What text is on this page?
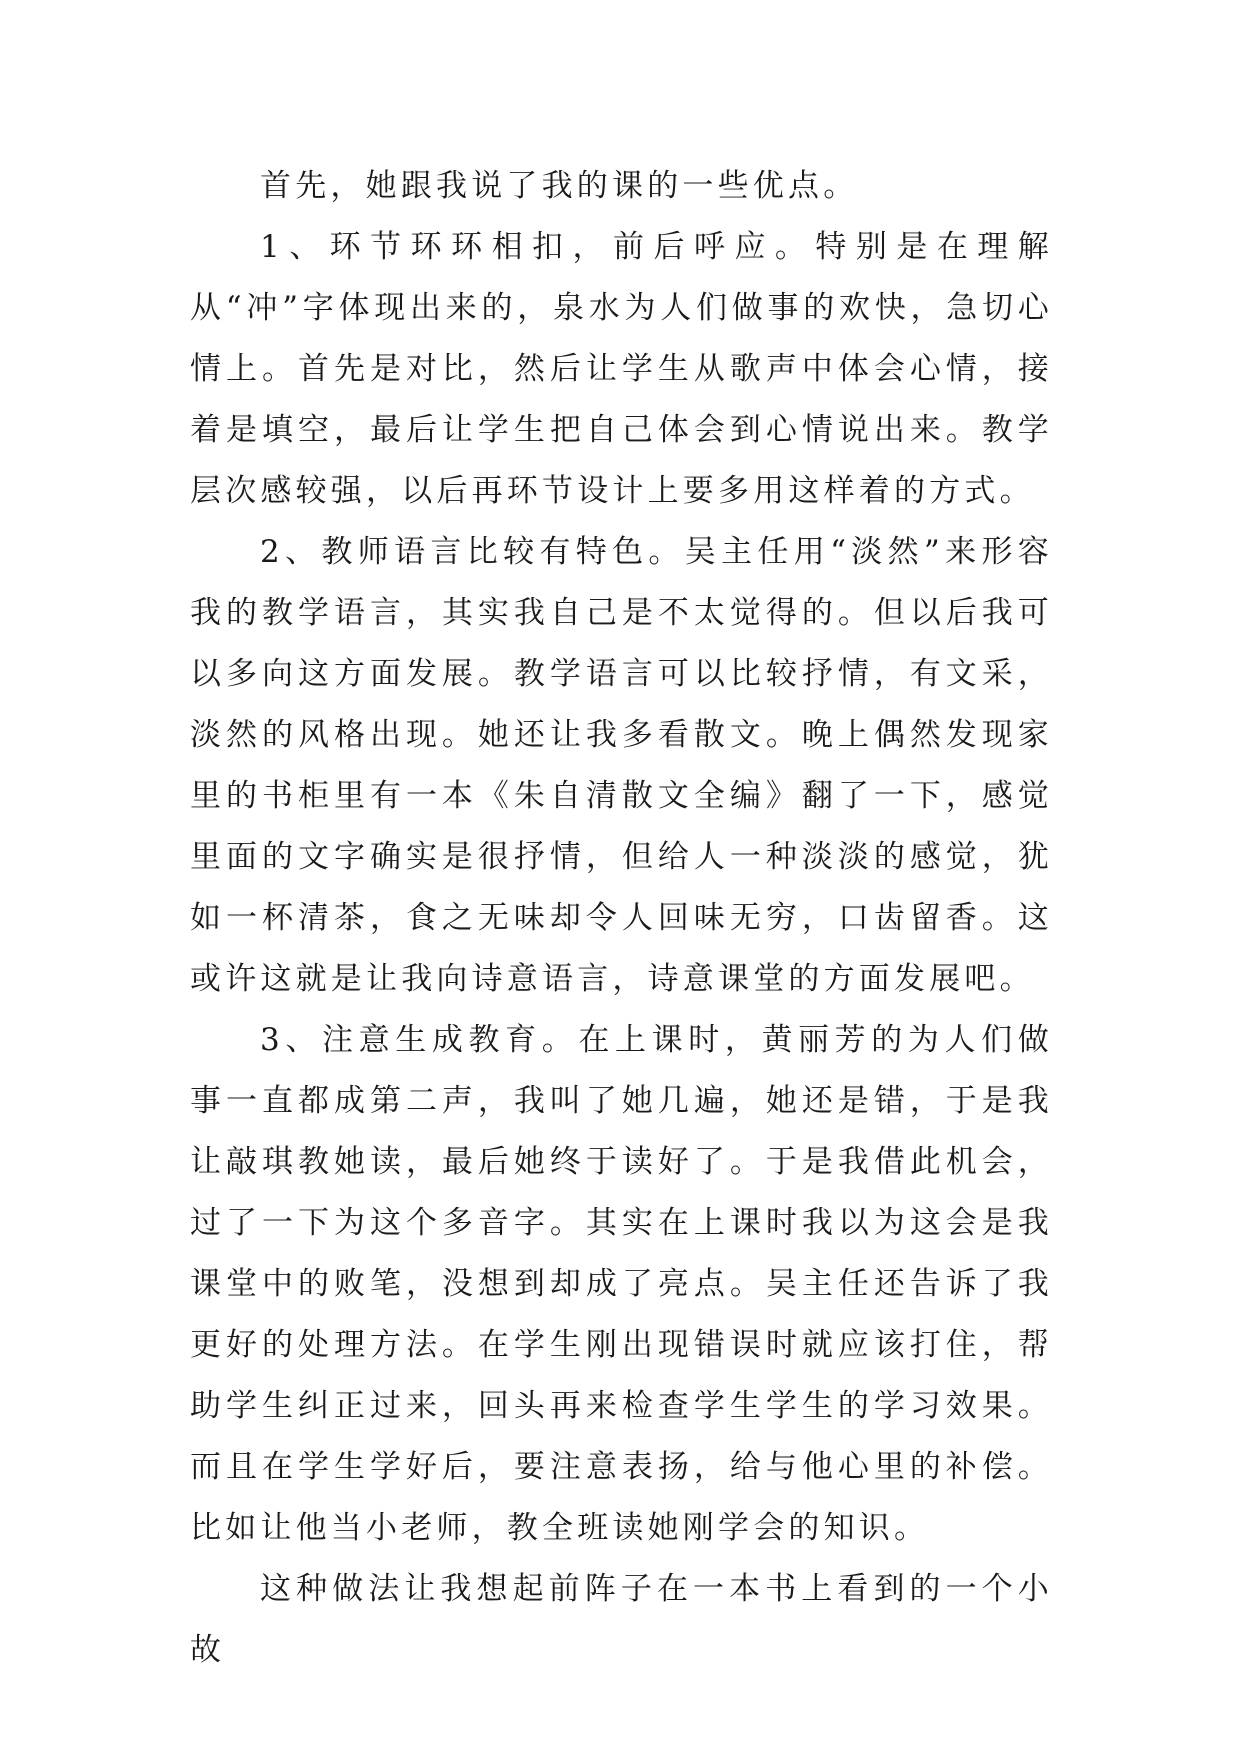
首先，她跟我说了我的课的一些优点。

1、环节环环相扣，前后呼应。特别是在理解从“冲”字体现出来的，泉水为人们做事的欢快，急切心情上。首先是对比，然后让学生从歌声中体会心情，接着是填空，最后让学生把自己体会到心情说出来。教学层次感较强，以后再环节设计上要多用这样着的方式。

2、教师语言比较有特色。吴主任用“淡然”来形容我的教学语言，其实我自己是不太觉得的。但以后我可以多向这方面发展。教学语言可以比较抒情，有文采，淡然的风格出现。她还让我多看散文。晚上偶然发现家里的书柜里有一本《朱自清散文全编》翻了一下，感觉里面的文字确实是很抒情，但给人一种淡淡的感觉，犹如一杯清茶，食之无味却令人回味无穷，口齿留香。这或许这就是让我向诗意语言，诗意课堂的方面发展吧。

3、注意生成教育。在上课时，黄丽芳的为人们做事一直都成第二声，我叫了她几遍，她还是错，于是我让敲琪教她读，最后她终于读好了。于是我借此机会，过了一下为这个多音字。其实在上课时我以为这会是我课堂中的败笔，没想到却成了亮点。吴主任还告诉了我更好的处理方法。在学生刚出现错误时就应该打住，帮助学生纠正过来，回头再来检查学生学生的学习效果。而且在学生学好后，要注意表扬，给与他心里的补偿。比如让他当小老师，教全班读她刚学会的知识。

这种做法让我想起前阵子在一本书上看到的一个小故
